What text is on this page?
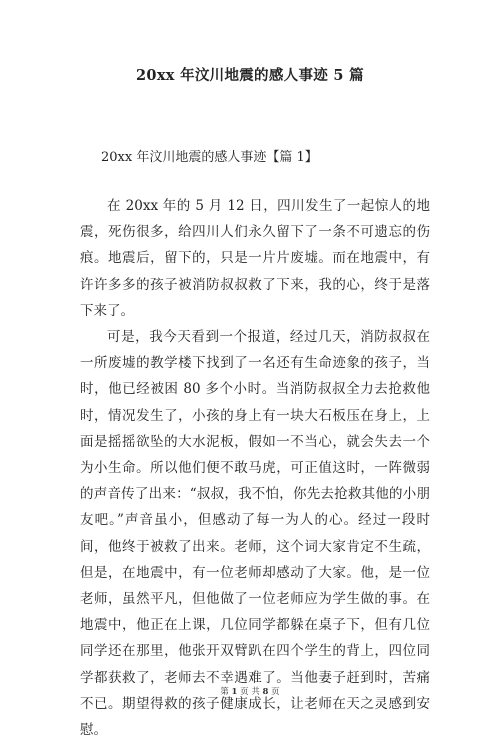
20xx 年汶川地震的感人事迹 5 篇
20xx 年汶川地震的感人事迹【篇 1】

在 20xx 年的 5 月 12 日，四川发生了一起惊人的地震，死伤很多，给四川人们永久留下了一条不可遗忘的伤痕。地震后，留下的，只是一片片废墟。而在地震中，有许许多多的孩子被消防叔叔救了下来，我的心，终于是落下来了。

可是，我今天看到一个报道，经过几天，消防叔叔在一所废墟的教学楼下找到了一名还有生命迹象的孩子，当时，他已经被困 80 多个小时。当消防叔叔全力去抢救他时，情况发生了，小孩的身上有一块大石板压在身上，上面是摇摇欲坠的大水泥板，假如一不当心，就会失去一个为小生命。所以他们便不敢马虎，可正值这时，一阵微弱的声音传了出来：“叔叔，我不怕，你先去抢救其他的小朋友吧。”声音虽小，但感动了每一为人的心。经过一段时间，他终于被救了出来。老师，这个词大家肯定不生疏，但是，在地震中，有一位老师却感动了大家。他，是一位老师，虽然平凡，但他做了一位老师应为学生做的事。在地震中，他正在上课，几位同学都躲在桌子下，但有几位同学还在那里，他张开双臂趴在四个学生的背上，四位同学都获救了，老师去不幸遇难了。当他妻子赶到时，苦痛不已。期望得救的孩子健康成长，让老师在天之灵感到安慰。

第 1 页 共 8 页
